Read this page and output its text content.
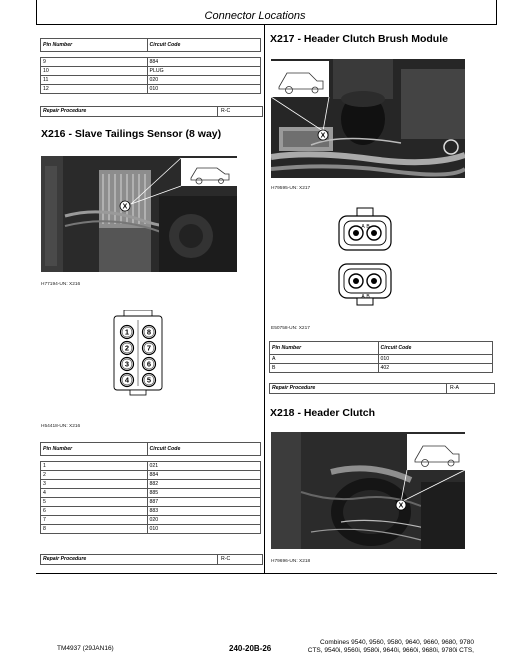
Connector Locations
Pin Number	Circuit Code

9	884
10	PLUG
11	020
12	010
Repair Procedure	R-C
X216 - Slave Tailings Sensor (8 way)
X
H77194-UN: X216
1
2
3
4
8
7
6
5
H54418-UN: X216
Pin Number	Circuit Code

1	021
2	884
3	882
4	885
5	887
6	883
7	020
8	010
Repair Procedure	R-C
X217 - Header Clutch Brush Module
X
H79595-UN: X217
A B
A B
E50758-UN: X217
Pin Number	Circuit Code
A	010
B	402
Repair Procedure	R-A
X218 - Header Clutch
X
H79696-UN: X218
TM4937 (29JAN16)	240-20B-26
Combines 9540, 9560, 9580, 9640, 9660, 9680, 9780
CTS, 9540i, 9560i, 9580i, 9640i, 9660i, 9680i, 9780i CTS,
